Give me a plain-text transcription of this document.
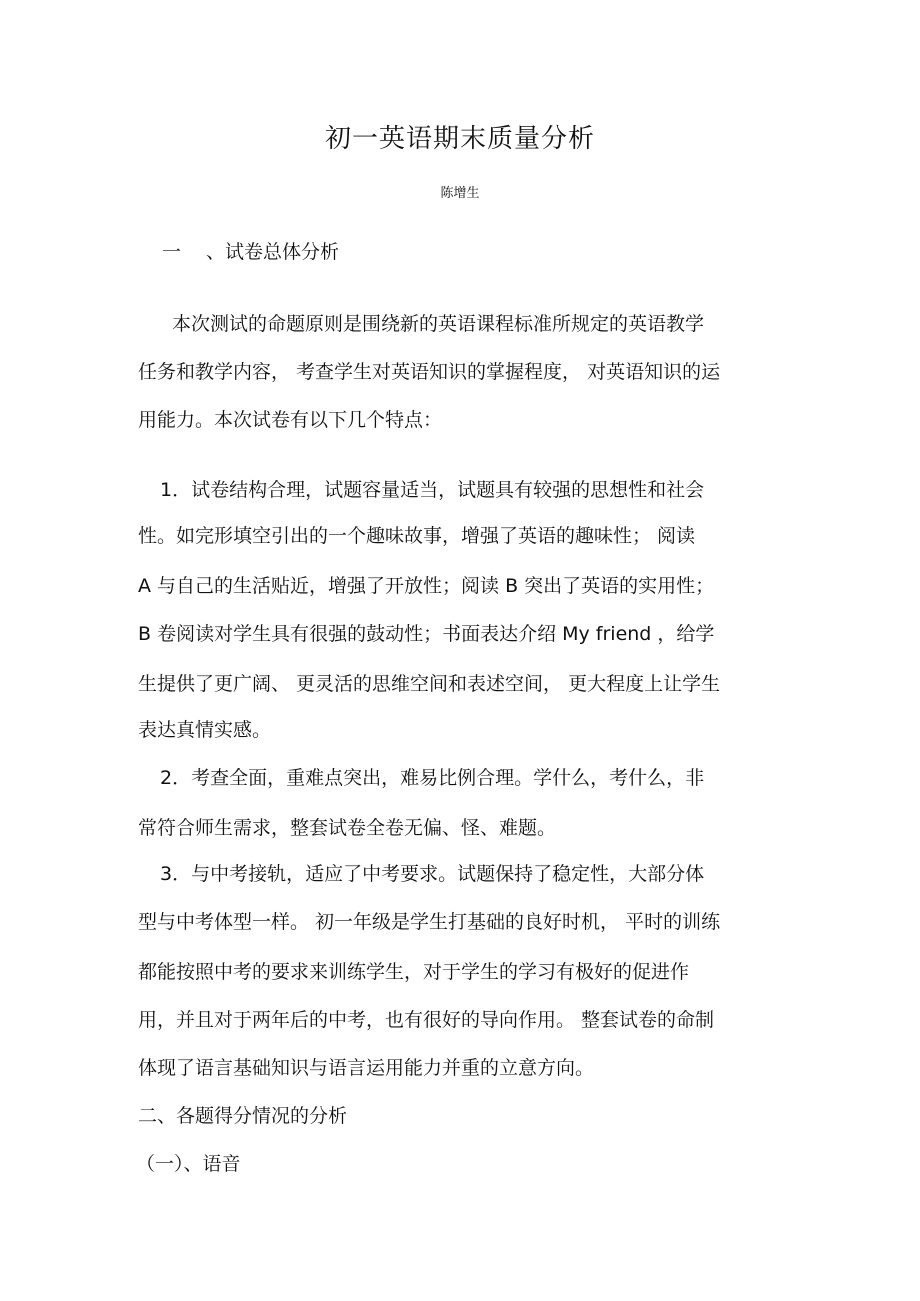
初一英语期末质量分析
陈增生
一　 、试卷总体分析
本次测试的命题原则是围绕新的英语课程标准所规定的英语教学
任务和教学内容， 考查学生对英语知识的掌握程度， 对英语知识的运
用能力。本次试卷有以下几个特点：
1．试卷结构合理，试题容量适当，试题具有较强的思想性和社会
性。如完形填空引出的一个趣味故事，增强了英语的趣味性； 阅读
A 与自己的生活贴近，增强了开放性；阅读 B 突出了英语的实用性；
B 卷阅读对学生具有很强的鼓动性；书面表达介绍 My friend ，给学
生提供了更广阔、 更灵活的思维空间和表述空间， 更大程度上让学生
表达真情实感。
2．考查全面，重难点突出，难易比例合理。学什么，考什么，非
常符合师生需求，整套试卷全卷无偏、怪、难题。
3．与中考接轨，适应了中考要求。试题保持了稳定性，大部分体
型与中考体型一样。 初一年级是学生打基础的良好时机， 平时的训练
都能按照中考的要求来训练学生，对于学生的学习有极好的促进作
用，并且对于两年后的中考，也有很好的导向作用。 整套试卷的命制
体现了语言基础知识与语言运用能力并重的立意方向。
二、各题得分情况的分析
（一）、语音
